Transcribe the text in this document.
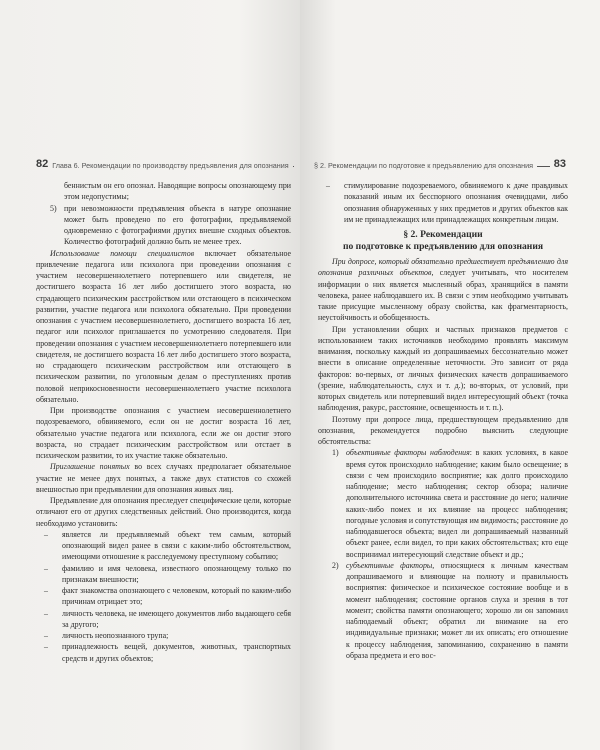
82 Глава 6. Рекомендации по производству предъявления для опознания

беннистым он его опознал. Наводящие вопросы опознающему при этом недопустимы;

5) при невозможности предъявления объекта в натуре опознание может быть проведено по его фотографии, предъявляемой одновременно с фотографиями других внешне сходных объектов. Количество фотографий должно быть не менее трех.

Использование помощи специалистов включает обязательное привлечение педагога или психолога при проведении опознания с участием несовершеннолетнего потерпевшего или свидетеля, не достигшего возраста 16 лет либо достигшего этого возраста, но страдающего психическим расстройством или отстающего в психическом развитии, участие педагога или психолога обязательно. При проведении опознания с участием несовершеннолетнего, достигшего возраста 16 лет, педагог или психолог приглашается по усмотрению следователя. При проведении опознания с участием несовершеннолетнего потерпевшего или свидетеля, не достигшего возраста 16 лет либо достигшего этого возраста, но страдающего психическим расстройством или отстающего в психическом развитии, по уголовным делам о преступлениях против половой неприкосновенности несовершеннолетнего участие психолога обязательно.

При производстве опознания с участием несовершеннолетнего подозреваемого, обвиняемого, если он не достиг возраста 16 лет, обязательно участие педагога или психолога, если же он достиг этого возраста, но страдает психическим расстройством или отстает в психическом развитии, то их участие также обязательно.

Приглашение понятых во всех случаях предполагает обязательное участие не менее двух понятых, а также двух статистов со схожей внешностью при предъявлении для опознания живых лиц.

Предъявление для опознания преследует специфические цели, которые отличают его от других следственных действий. Оно производится, когда необходимо установить:

–	является ли предъявляемый объект тем самым, который опознающий видел ранее в связи с каким-либо обстоятельством, имеющими отношение к расследуемому преступному событию;
–	фамилию и имя человека, известного опознающему только по признакам внешности;
–	факт знакомства опознающего с человеком, который по каким-либо причинам отрицает это;
–	личность человека, не имеющего документов либо выдающего себя за другого;
–	личность неопознанного трупа;
–	принадлежность вещей, документов, животных, транспортных средств и других объектов;
§ 2. Рекомендации по подготовке к предъявлению для опознания	83
–	стимулирование подозреваемого, обвиняемого к даче правдивых показаний иным их бесспорного опознания очевидцами, либо опознания обнаруженных у них предметов и других объектов как им не принадлежащих или принадлежащих конкретным лицам.
§ 2. Рекомендации
по подготовке к предъявлению для опознания

При допросе, который обязательно предшествует предъявлению для опознания различных объектов, следует учитывать, что носителем информации о них является мысленный образ, хранящийся в памяти человека, ранее наблюдавшего их. В связи с этим необходимо учитывать такие присущие мысленному образу свойства, как фрагментарность, неустойчивость и обобщенность.

При установлении общих и частных признаков предметов с использованием таких источников необходимо проявлять максимум внимания, поскольку каждый из допрашиваемых бессознательно может внести в описание определенные неточности. Это зависит от ряда факторов: во-первых, от личных физических качеств допрашиваемого (зрение, наблюдательность, слух и т. д.); во-вторых, от условий, при которых свидетель или потерпевший видел интересующий объект (точка наблюдения, ракурс, расстояние, освещенность и т. п.).

Поэтому при допросе лица, предшествующем предъявлению для опознания, рекомендуется подробно выяснить следующие обстоятельства:

1) объективные факторы наблюдения: в каких условиях, в какое время суток происходило наблюдение; каким было освещение; в связи с чем происходило восприятие; как долго происходило наблюдение; место наблюдения; сектор обзора; наличие дополнительного источника света и расстояние до него; наличие каких-либо помех и их влияние на процесс наблюдения; погодные условия и сопутствующая им видимость; расстояние до наблюдавшегося объекта; видел ли допрашиваемый названный объект ранее, если видел, то при каких обстоятельствах; кто еще воспринимал интересующий следствие объект и др.;
2) субъективные факторы, относящиеся к личным качествам допрашиваемого и влияющие на полноту и правильность восприятия: физическое и психическое состояние вообще и в момент наблюдения; состояние органов слуха и зрения в тот момент; свойства памяти опознающего; хорошо ли он запомнил наблюдаемый объект; обратил ли внимание на его индивидуальные признаки; может ли их описать; его отношение к процессу наблюдения, запоминанию, сохранению в памяти образа предмета и его вос-
